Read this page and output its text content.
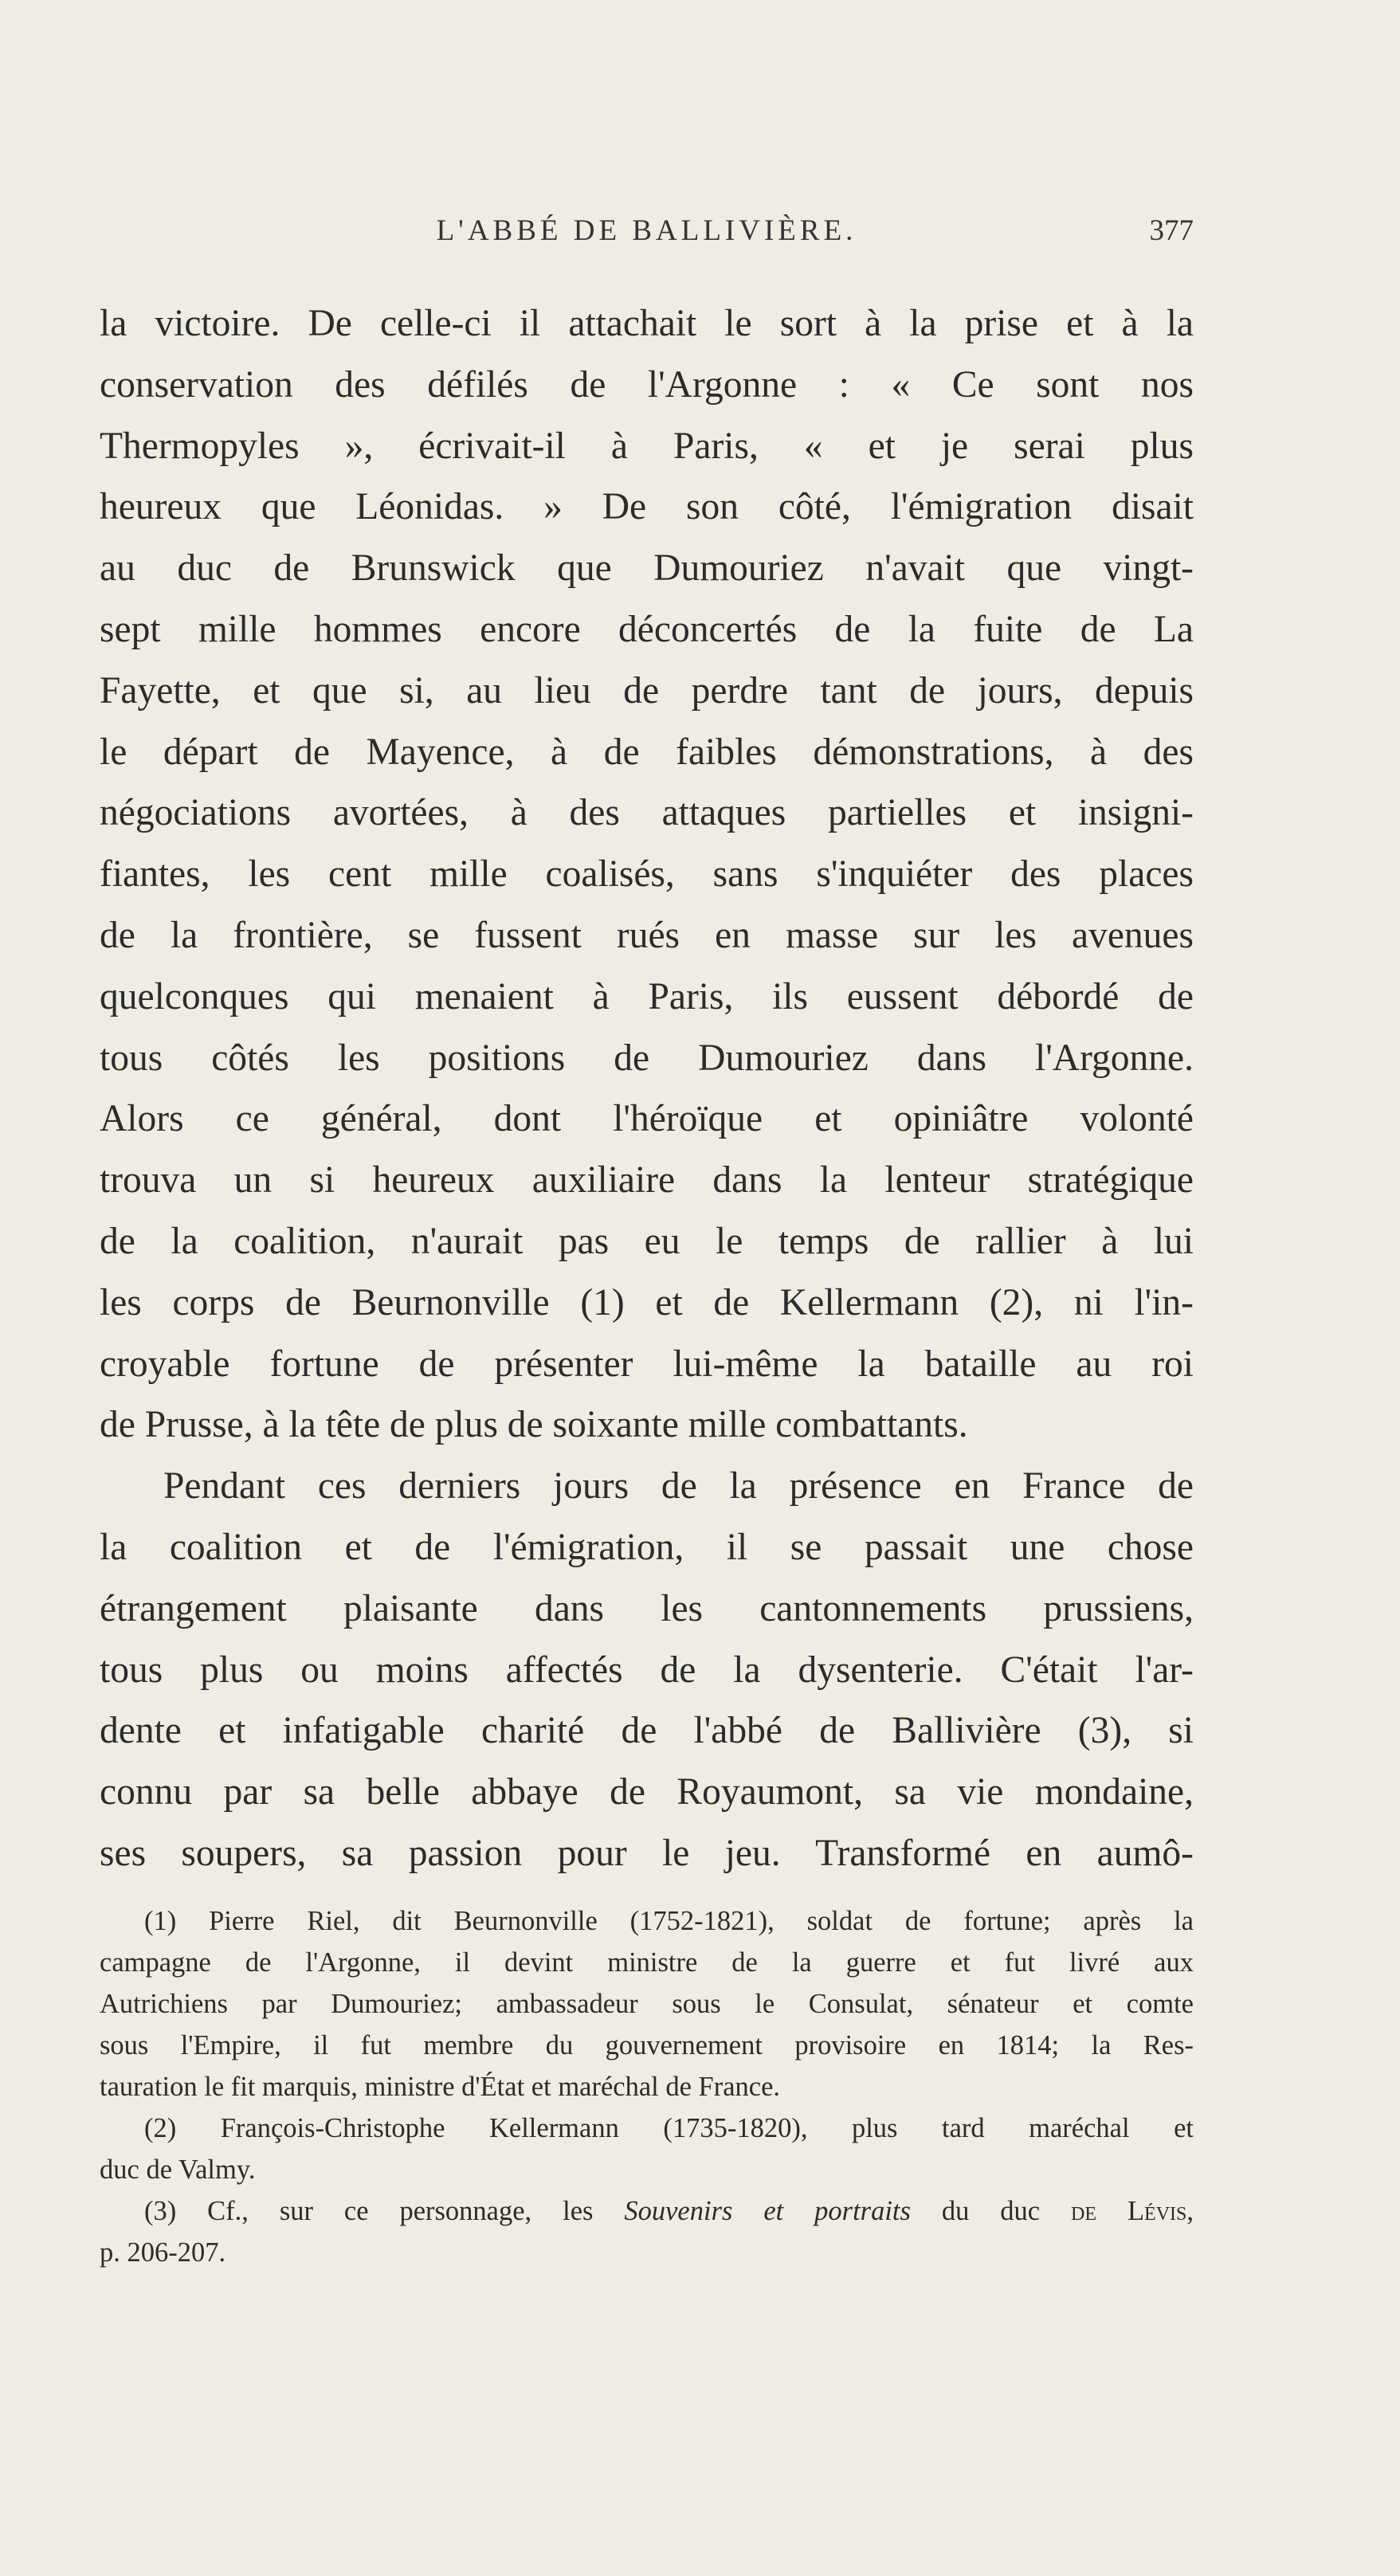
L'ABBÉ DE BALLIVIÈRE.	377
la victoire. De celle-ci il attachait le sort à la prise et à la
conservation des défilés de l'Argonne : « Ce sont nos
Thermopyles », écrivait-il à Paris, « et je serai plus
heureux que Léonidas. » De son côté, l'émigration disait
au duc de Brunswick que Dumouriez n'avait que vingt-
sept mille hommes encore déconcertés de la fuite de La
Fayette, et que si, au lieu de perdre tant de jours, depuis
le départ de Mayence, à de faibles démonstrations, à des
négociations avortées, à des attaques partielles et insigni-
fiantes, les cent mille coalisés, sans s'inquiéter des places
de la frontière, se fussent rués en masse sur les avenues
quelconques qui menaient à Paris, ils eussent débordé de
tous côtés les positions de Dumouriez dans l'Argonne.
Alors ce général, dont l'héroïque et opiniâtre volonté
trouva un si heureux auxiliaire dans la lenteur stratégique
de la coalition, n'aurait pas eu le temps de rallier à lui
les corps de Beurnonville (1) et de Kellermann (2), ni l'in-
croyable fortune de présenter lui-même la bataille au roi
de Prusse, à la tête de plus de soixante mille combattants.
Pendant ces derniers jours de la présence en France de
la coalition et de l'émigration, il se passait une chose
étrangement plaisante dans les cantonnements prussiens,
tous plus ou moins affectés de la dysenterie. C'était l'ar-
dente et infatigable charité de l'abbé de Ballivière (3), si
connu par sa belle abbaye de Royaumont, sa vie mondaine,
ses soupers, sa passion pour le jeu. Transformé en aumô-
(1) Pierre Riel, dit Beurnonville (1752-1821), soldat de fortune; après la
campagne de l'Argonne, il devint ministre de la guerre et fut livré aux
Autrichiens par Dumouriez; ambassadeur sous le Consulat, sénateur et comte
sous l'Empire, il fut membre du gouvernement provisoire en 1814; la Res-
tauration le fit marquis, ministre d'État et maréchal de France.
(2) François-Christophe Kellermann (1735-1820), plus tard maréchal et
duc de Valmy.
(3) Cf., sur ce personnage, les Souvenirs et portraits du duc de Lévis,
p. 206-207.
